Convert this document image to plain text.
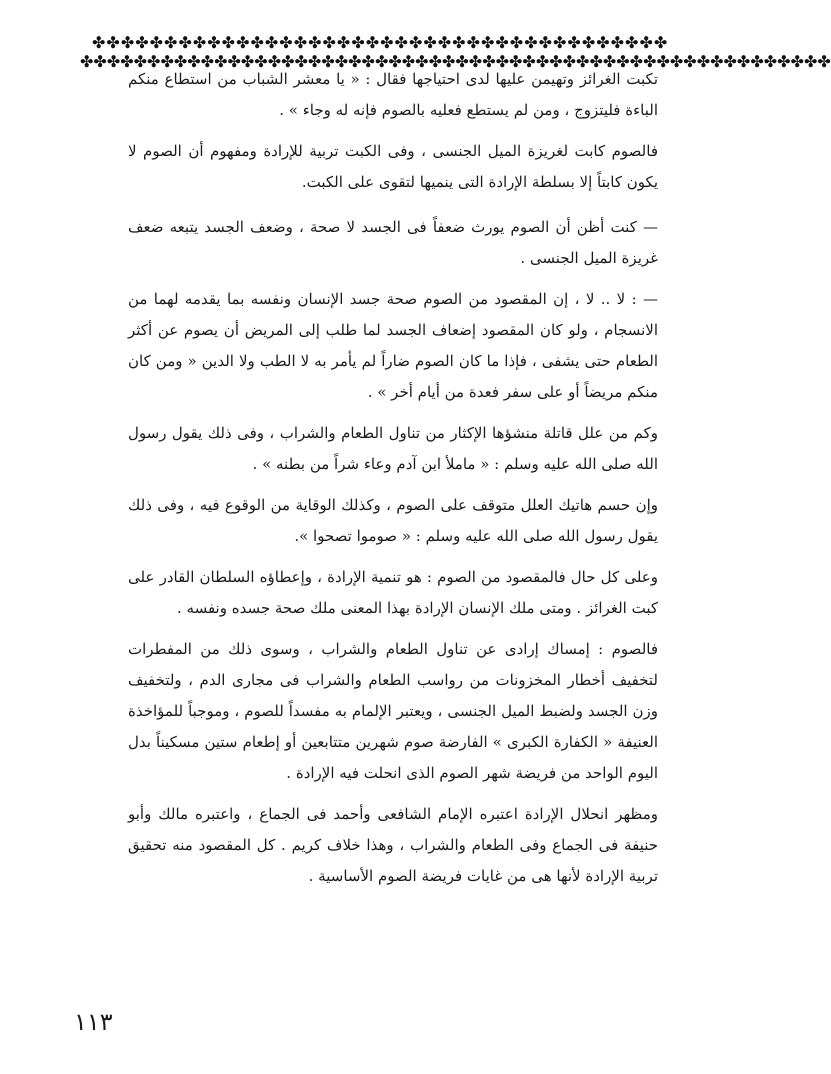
✤✤✤✤✤✤✤✤✤✤✤✤✤✤✤✤✤✤✤✤✤✤✤✤✤✤✤✤✤✤✤✤✤✤✤✤✤✤✤✤
✤✤✤✤✤✤✤✤✤✤✤✤✤✤✤✤✤✤✤✤✤✤✤✤✤✤✤✤✤✤✤✤✤✤✤✤✤✤✤✤✤✤✤✤✤✤✤✤✤✤✤✤✤✤✤✤

تكبت الغرائز وتهيمن عليها لدى احتياجها فقال : « يا معشر الشباب من استطاع منكم الباءة فليتزوج ، ومن لم يستطع فعليه بالصوم فإنه له وجاء » .

فالصوم كابت لغريزة الميل الجنسى ، وفى الكبت تربية للإرادة ومفهوم أن الصوم لا يكون كابتاً إلا بسلطة الإرادة التى ينميها لتقوى على الكبت.

— كنت أظن أن الصوم يورث ضعفاً فى الجسد لا صحة ، وضعف الجسد يتبعه ضعف غريزة الميل الجنسى .

— : لا .. لا ، إن المقصود من الصوم صحة جسد الإنسان ونفسه بما يقدمه لهما من الانسجام ، ولو كان المقصود إضعاف الجسد لما طلب إلى المريض أن يصوم عن أكثر الطعام حتى يشفى ، فإذا ما كان الصوم ضاراً لم يأمر به لا الطب ولا الدين « ومن كان منكم مريضاً أو على سفر فعدة من أيام أخر » .

وكم من علل قاتلة منشؤها الإكثار من تناول الطعام والشراب ، وفى ذلك يقول رسول الله صلى الله عليه وسلم : « ماملأ ابن آدم وعاء شراً من بطنه » .

وإن حسم هاتيك العلل متوقف على الصوم ، وكذلك الوقاية من الوقوع فيه ، وفى ذلك يقول رسول الله صلى الله عليه وسلم : « صوموا تصحوا ».

وعلى كل حال فالمقصود من الصوم : هو تنمية الإرادة ، وإعطاؤه السلطان القادر على كبت الغرائز . ومتى ملك الإنسان الإرادة بهذا المعنى ملك صحة جسده ونفسه .

فالصوم : إمساك إرادى عن تناول الطعام والشراب ، وسوى ذلك من المفطرات لتخفيف أخطار المخزونات من رواسب الطعام والشراب فى مجارى الدم ، ولتخفيف وزن الجسد ولضبط الميل الجنسى ، ويعتبر الإلمام به مفسداً للصوم ، وموجباً للمؤاخذة العنيفة « الكفارة الكبرى » الفارضة صوم شهرين متتابعين أو إطعام ستين مسكيناً بدل اليوم الواحد من فريضة شهر الصوم الذى انحلت فيه الإرادة .

ومظهر انحلال الإرادة اعتبره الإمام الشافعى وأحمد فى الجماع ، واعتبره مالك وأبو حنيفة فى الجماع وفى الطعام والشراب ، وهذا خلاف كريم . كل المقصود منه تحقيق تربية الإرادة لأنها هى من غايات فريضة الصوم الأساسية .

١١٣
